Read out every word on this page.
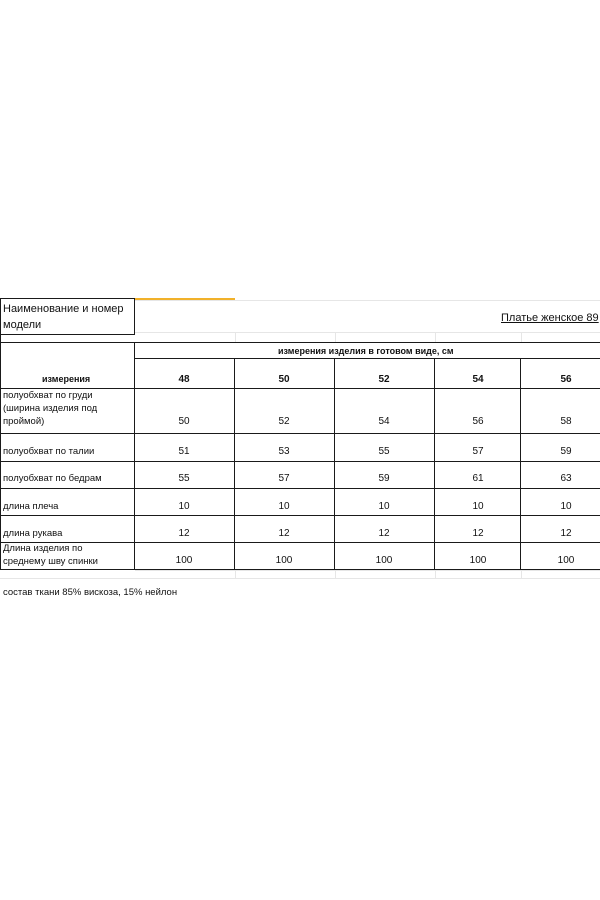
Наименование и номер
модели
Платье женское 89
измерения изделия в готовом виде, см
измерения	48	50	52	54	56
полуобхват по груди
(ширина изделия под
проймой)	50	52	54	56	58
полуобхват по талии	51	53	55	57	59
полуобхват по бедрам	55	57	59	61	63
длина плеча	10	10	10	10	10
длина рукава	12	12	12	12	12
Длина изделия по
среднему шву спинки	100	100	100	100	100
состав ткани 85% вискоза, 15% нейлон
